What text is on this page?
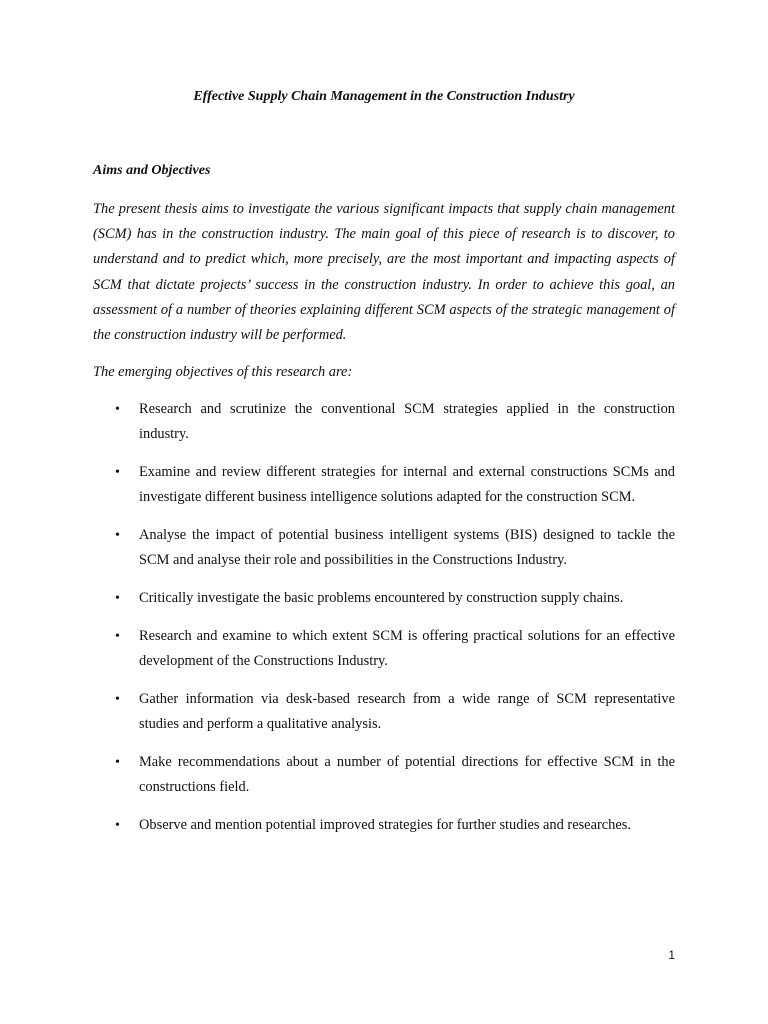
Effective Supply Chain Management in the Construction Industry
Aims and Objectives

The present thesis aims to investigate the various significant impacts that supply chain management (SCM) has in the construction industry. The main goal of this piece of research is to discover, to understand and to predict which, more precisely, are the most important and impacting aspects of SCM that dictate projects’ success in the construction industry. In order to achieve this goal, an assessment of a number of theories explaining different SCM aspects of the strategic management of the construction industry will be performed.

The emerging objectives of this research are:
• Research and scrutinize the conventional SCM strategies applied in the construction industry.
• Examine and review different strategies for internal and external constructions SCMs and investigate different business intelligence solutions adapted for the construction SCM.
• Analyse the impact of potential business intelligent systems (BIS) designed to tackle the SCM and analyse their role and possibilities in the Constructions Industry.
• Critically investigate the basic problems encountered by construction supply chains.
• Research and examine to which extent SCM is offering practical solutions for an effective development of the Constructions Industry.
• Gather information via desk-based research from a wide range of SCM representative studies and perform a qualitative analysis.
• Make recommendations about a number of potential directions for effective SCM in the constructions field.
• Observe and mention potential improved strategies for further studies and researches.
1
